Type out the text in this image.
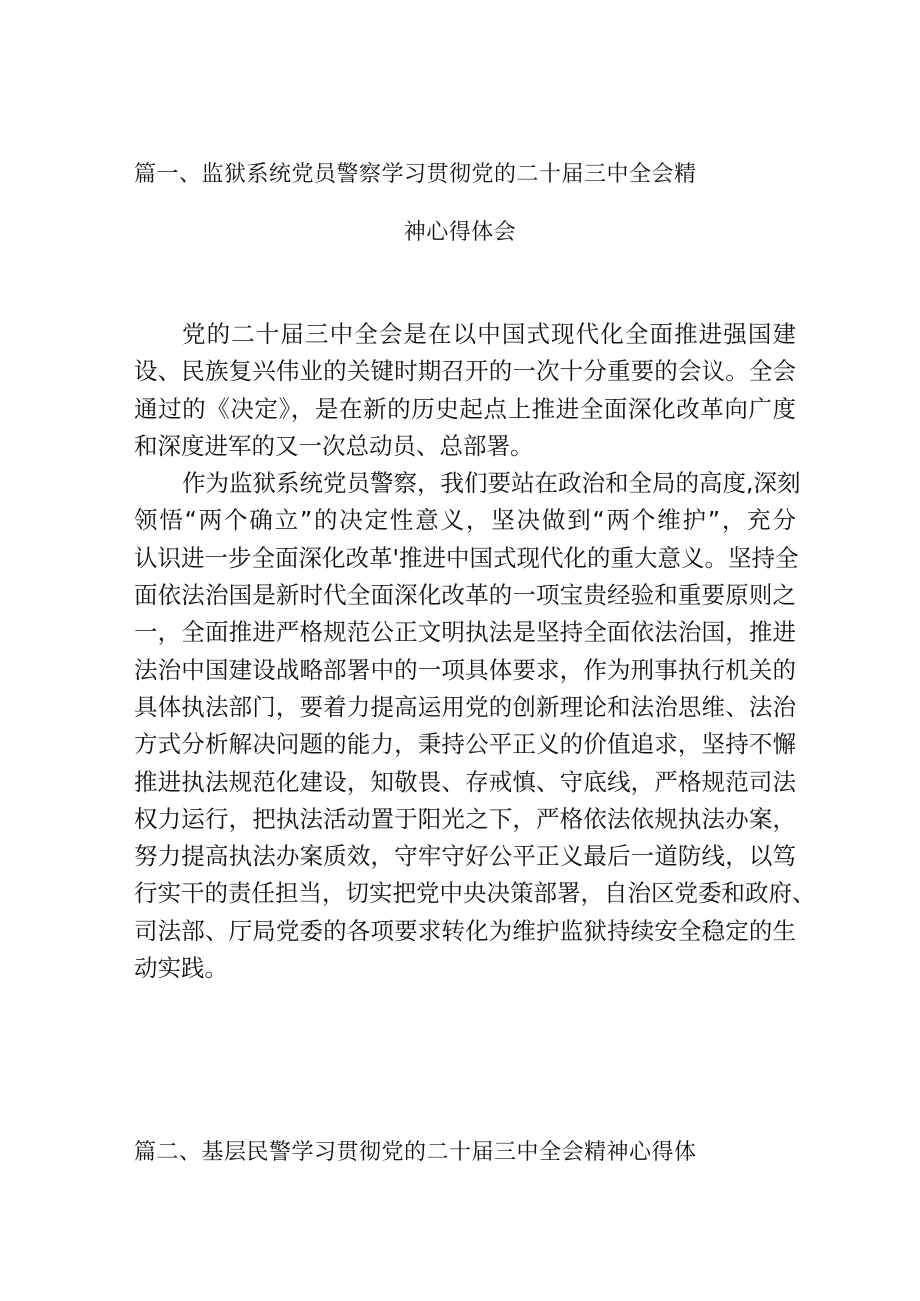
篇一、监狱系统党员警察学习贯彻党的二十届三中全会精
神心得体会

党的二十届三中全会是在以中国式现代化全面推进强国建
设、民族复兴伟业的关键时期召开的一次十分重要的会议。全会
通过的《决定》，是在新的历史起点上推进全面深化改革向广度
和深度进军的又一次总动员、总部署。

作为监狱系统党员警察，我们要站在政治和全局的高度,深刻
领悟“两个确立”的决定性意义，坚决做到“两个维护”，充分
认识进一步全面深化改革'推进中国式现代化的重大意义。坚持全
面依法治国是新时代全面深化改革的一项宝贵经验和重要原则之
一，全面推进严格规范公正文明执法是坚持全面依法治国，推进
法治中国建设战略部署中的一项具体要求，作为刑事执行机关的
具体执法部门，要着力提高运用党的创新理论和法治思维、法治
方式分析解决问题的能力，秉持公平正义的价值追求，坚持不懈
推进执法规范化建设，知敬畏、存戒慎、守底线，严格规范司法
权力运行，把执法活动置于阳光之下，严格依法依规执法办案，
努力提高执法办案质效，守牢守好公平正义最后一道防线，以笃
行实干的责任担当，切实把党中央决策部署，自治区党委和政府、
司法部、厅局党委的各项要求转化为维护监狱持续安全稳定的生
动实践。

篇二、基层民警学习贯彻党的二十届三中全会精神心得体
